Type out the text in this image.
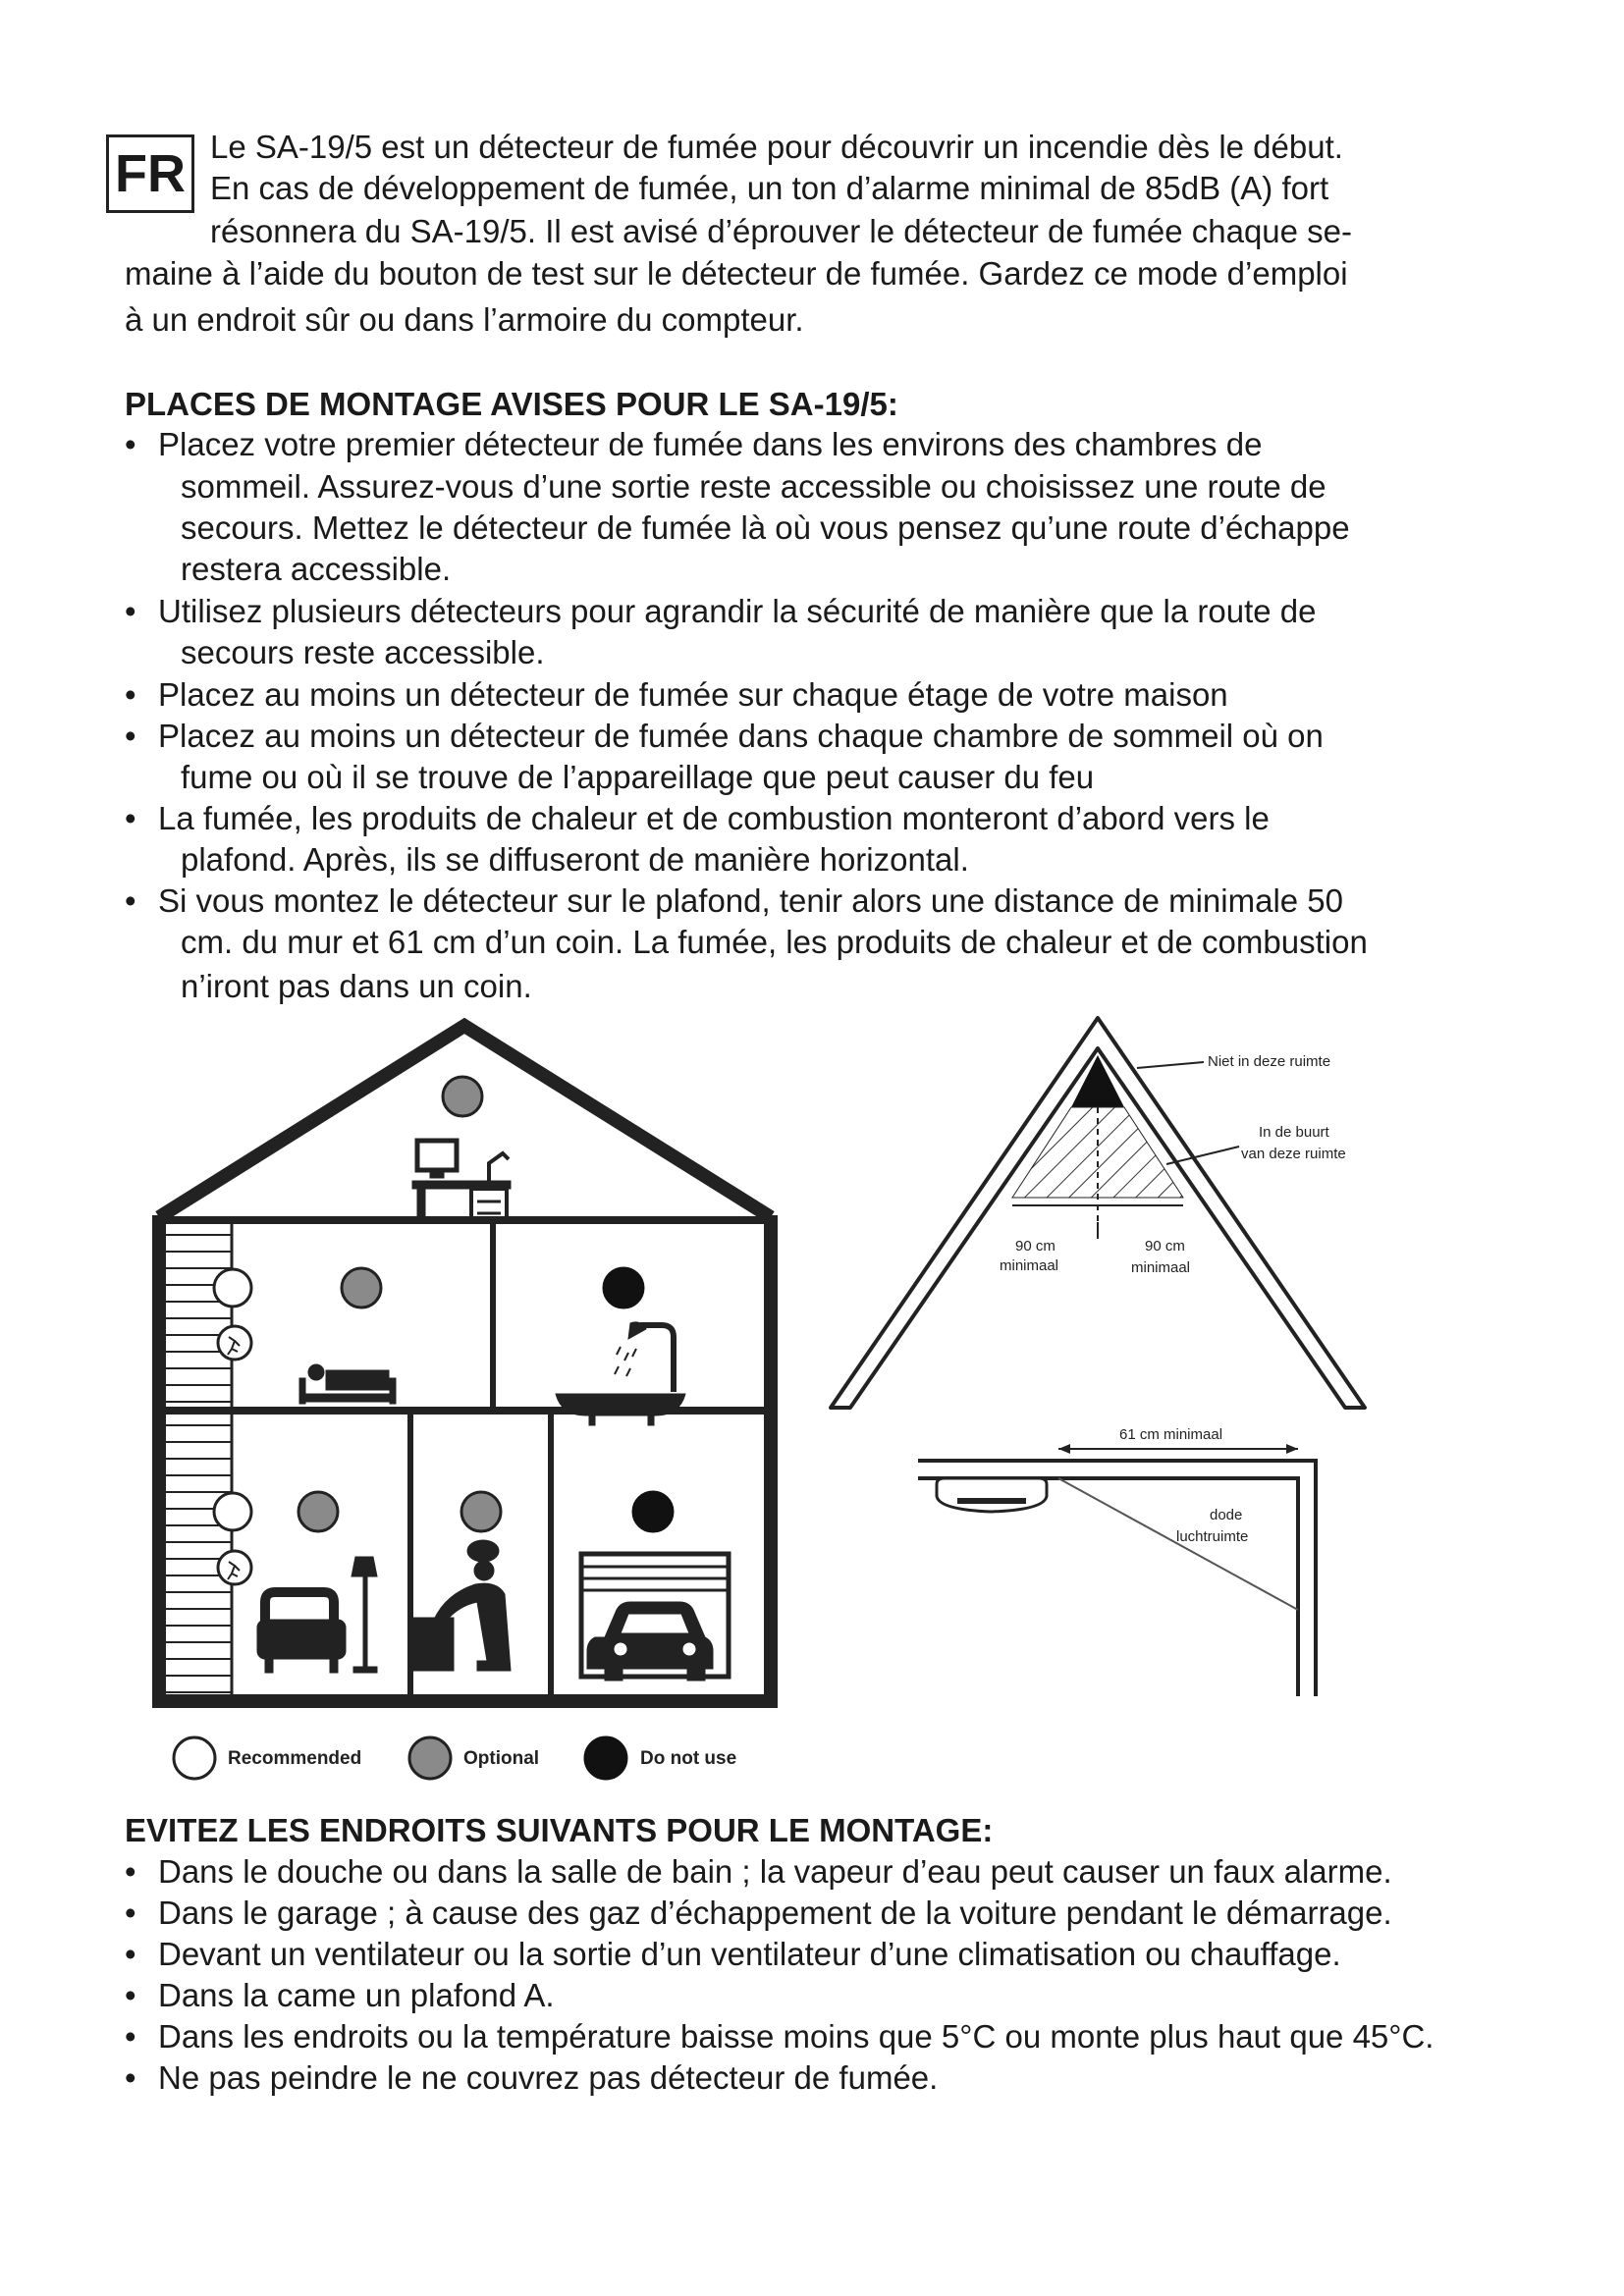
FR Le SA-19/5 est un détecteur de fumée pour découvrir un incendie dès le début.
En cas de développement de fumée, un ton d’alarme minimal de 85dB (A) fort
résonnera du SA-19/5. Il est avisé d’éprouver le détecteur de fumée chaque se-
maine à l’aide du bouton de test sur le détecteur de fumée. Gardez ce mode d’emploi
à un endroit sûr ou dans l’armoire du compteur.
PLACES DE MONTAGE AVISES POUR LE SA-19/5:
• Placez votre premier détecteur de fumée dans les environs des chambres de
sommeil. Assurez-vous d’une sortie reste accessible ou choisissez une route de
secours. Mettez le détecteur de fumée là où vous pensez qu’une route d’échappe
restera accessible.
• Utilisez plusieurs détecteurs pour agrandir la sécurité de manière que la route de
secours reste accessible.
• Placez au moins un détecteur de fumée sur chaque étage de votre maison
• Placez au moins un détecteur de fumée dans chaque chambre de sommeil où on
fume ou où il se trouve de l’appareillage que peut causer du feu
• La fumée, les produits de chaleur et de combustion monteront d’abord vers le
plafond. Après, ils se diffuseront de manière horizontal.
• Si vous montez le détecteur sur le plafond, tenir alors une distance de minimale 50
cm. du mur et 61 cm d’un coin. La fumée, les produits de chaleur et de combustion
n’iront pas dans un coin.
Niet in deze ruimte
In de buurt
van deze ruimte
90 cm
minimaal
90 cm
minimaal
61 cm minimaal
dode
luchtruimte
Recommended	Optional	Do not use
EVITEZ LES ENDROITS SUIVANTS POUR LE MONTAGE:
• Dans le douche ou dans la salle de bain ; la vapeur d’eau peut causer un faux alarme.
• Dans le garage ; à cause des gaz d’échappement de la voiture pendant le démarrage.
• Devant un ventilateur ou la sortie d’un ventilateur d’une climatisation ou chauffage.
• Dans la came un plafond A.
• Dans les endroits ou la température baisse moins que 5°C ou monte plus haut que 45°C.
• Ne pas peindre le ne couvrez pas détecteur de fumée.
